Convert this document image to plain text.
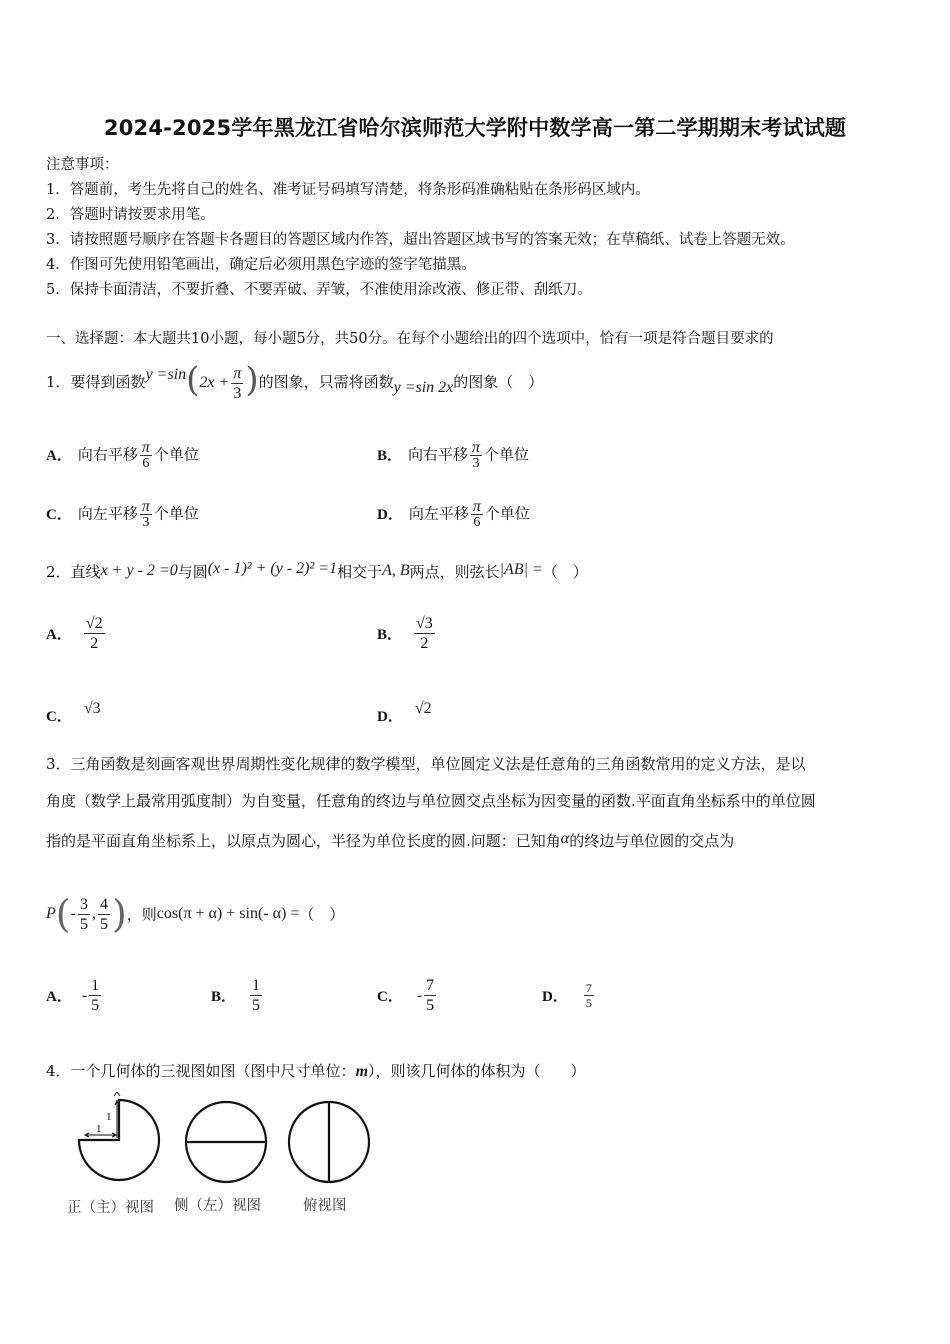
2024-2025学年黑龙江省哈尔滨师范大学附中数学高一第二学期期末考试试题
注意事项：
1．答题前，考生先将自己的姓名、准考证号码填写清楚，将条形码准确粘贴在条形码区域内。
2．答题时请按要求用笔。
3．请按照题号顺序在答题卡各题目的答题区域内作答，超出答题区域书写的答案无效；在草稿纸、试卷上答题无效。
4．作图可先使用铅笔画出，确定后必须用黑色字迹的签字笔描黑。
5．保持卡面清洁，不要折叠、不要弄破、弄皱，不准使用涂改液、修正带、刮纸刀。
一、选择题：本大题共10小题，每小题5分，共50分。在每个小题给出的四个选项中，恰有一项是符合题目要求的
1．要得到函数$y =\sin(2x + \frac{\pi}{3}$ )的图象，只需将函数y =sin 2x的图象（　）
A． 向右平移 $\frac{\pi}{6}$ 个单位	B． 向右平移 $\frac{\pi}{3}$ 个单位
C． 向左平移 $\frac{\pi}{3}$ 个单位	D． 向左平移 $\frac{\pi}{6}$ 个单位
2．直线x + y - 2 =0与圆(x - 1)² + (y - 2)² =1相交于A, B两点，则弦长|AB| =（　）
A． $\frac{√2}{2}$	B． $\frac{√3}{2}$
C． √3	D． √2
3．三角函数是刻画客观世界周期性变化规律的数学模型，单位圆定义法是任意角的三角函数常用的定义方法，是以
角度（数学上最常用弧度制）为自变量，任意角的终边与单位圆交点坐标为因变量的函数.平面直角坐标系中的单位圆
指的是平面直角坐标系上，以原点为圆心，半径为单位长度的圆.问题：已知角α的终边与单位圆的交点为
$P(- \frac{3}{5}$ , $\frac{4}{5}$ )，则cos(π + α) + sin(- α) =（　）
A． - $\frac{1}{5}$	B． $\frac{1}{5}$	C． - $\frac{7}{5}$	D． $\frac{7}{5}$
4．一个几何体的三视图如图（图中尺寸单位：m），则该几何体的体积为（　　）
1
1
正（主）视图 侧（左）视图	俯视图
